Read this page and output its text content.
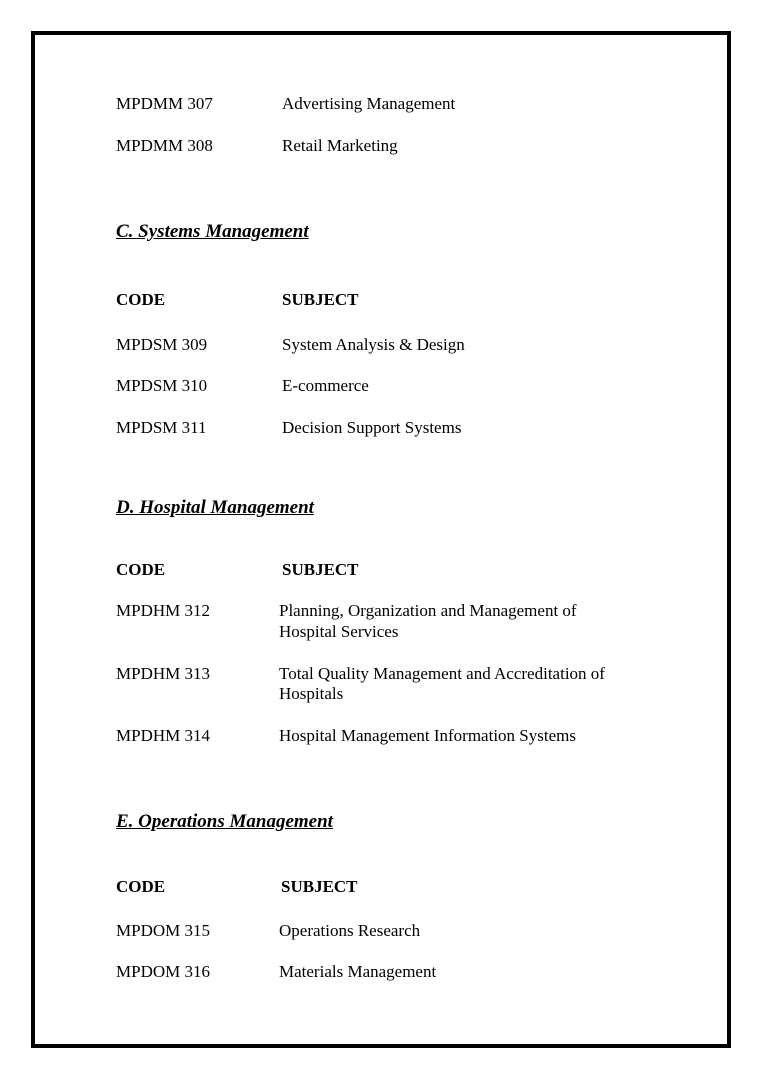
MPDMM 307	Advertising Management
MPDMM 308	Retail Marketing
C. Systems Management
CODE	SUBJECT
MPDSM 309	System Analysis & Design
MPDSM 310	E-commerce
MPDSM 311	Decision Support Systems
D. Hospital Management
CODE	SUBJECT
MPDHM 312	Planning, Organization and Management of
Hospital Services
MPDHM 313	Total Quality Management and Accreditation of
Hospitals
MPDHM 314	Hospital Management Information Systems
E. Operations Management
CODE	SUBJECT
MPDOM 315	Operations Research
MPDOM 316	Materials Management
